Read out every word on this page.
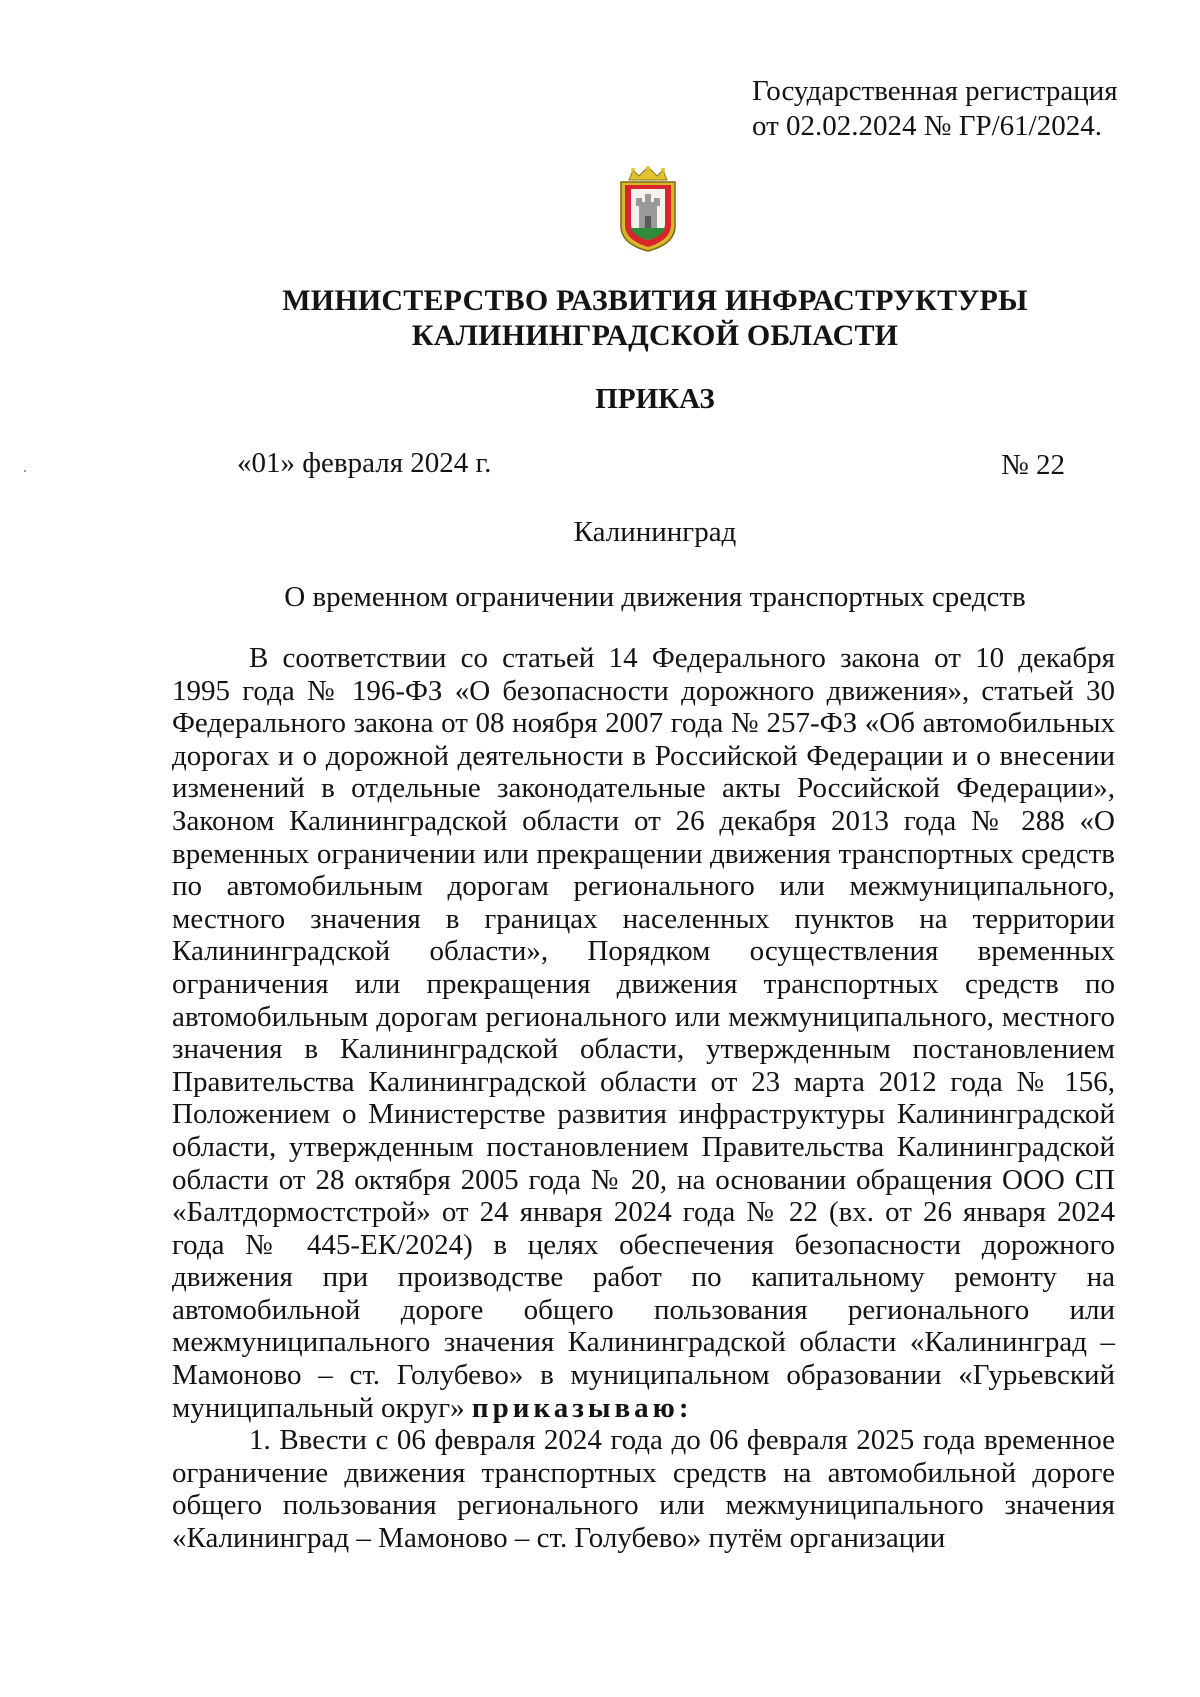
Государственная регистрация
от 02.02.2024 № ГР/61/2024.
МИНИСТЕРСТВО РАЗВИТИЯ ИНФРАСТРУКТУРЫ
КАЛИНИНГРАДСКОЙ ОБЛАСТИ
ПРИКАЗ
«01» февраля 2024 г.	№ 22
Калининград
О временном ограничении движения транспортных средств

В соответствии со статьей 14 Федерального закона от 10 декабря 1995 года № 196-ФЗ «О безопасности дорожного движения», статьей 30 Федерального закона от 08 ноября 2007 года № 257-ФЗ «Об автомобильных дорогах и о дорожной деятельности в Российской Федерации и о внесении изменений в отдельные законодательные акты Российской Федерации», Законом Калининградской области от 26 декабря 2013 года № 288 «О временных ограничении или прекращении движения транспортных средств по автомобильным дорогам регионального или межмуниципального, местного значения в границах населенных пунктов на территории Калининградской области», Порядком осуществления временных ограничения или прекращения движения транспортных средств по автомобильным дорогам регионального или межмуниципального, местного значения в Калининградской области, утвержденным постановлением Правительства Калининградской области от 23 марта 2012 года № 156, Положением о Министерстве развития инфраструктуры Калининградской области, утвержденным постановлением Правительства Калининградской области от 28 октября 2005 года № 20, на основании обращения ООО СП «Балтдормостстрой» от 24 января 2024 года № 22 (вх. от 26 января 2024 года № 445-ЕК/2024) в целях обеспечения безопасности дорожного движения при производстве работ по капитальному ремонту на автомобильной дороге общего пользования регионального или межмуниципального значения Калининградской области «Калининград – Мамоново – ст. Голубево» в муниципальном образовании «Гурьевский муниципальный округ» приказываю:

1. Ввести с 06 февраля 2024 года до 06 февраля 2025 года временное ограничение движения транспортных средств на автомобильной дороге общего пользования регионального или межмуниципального значения «Калининград – Мамоново – ст. Голубево» путём организации
